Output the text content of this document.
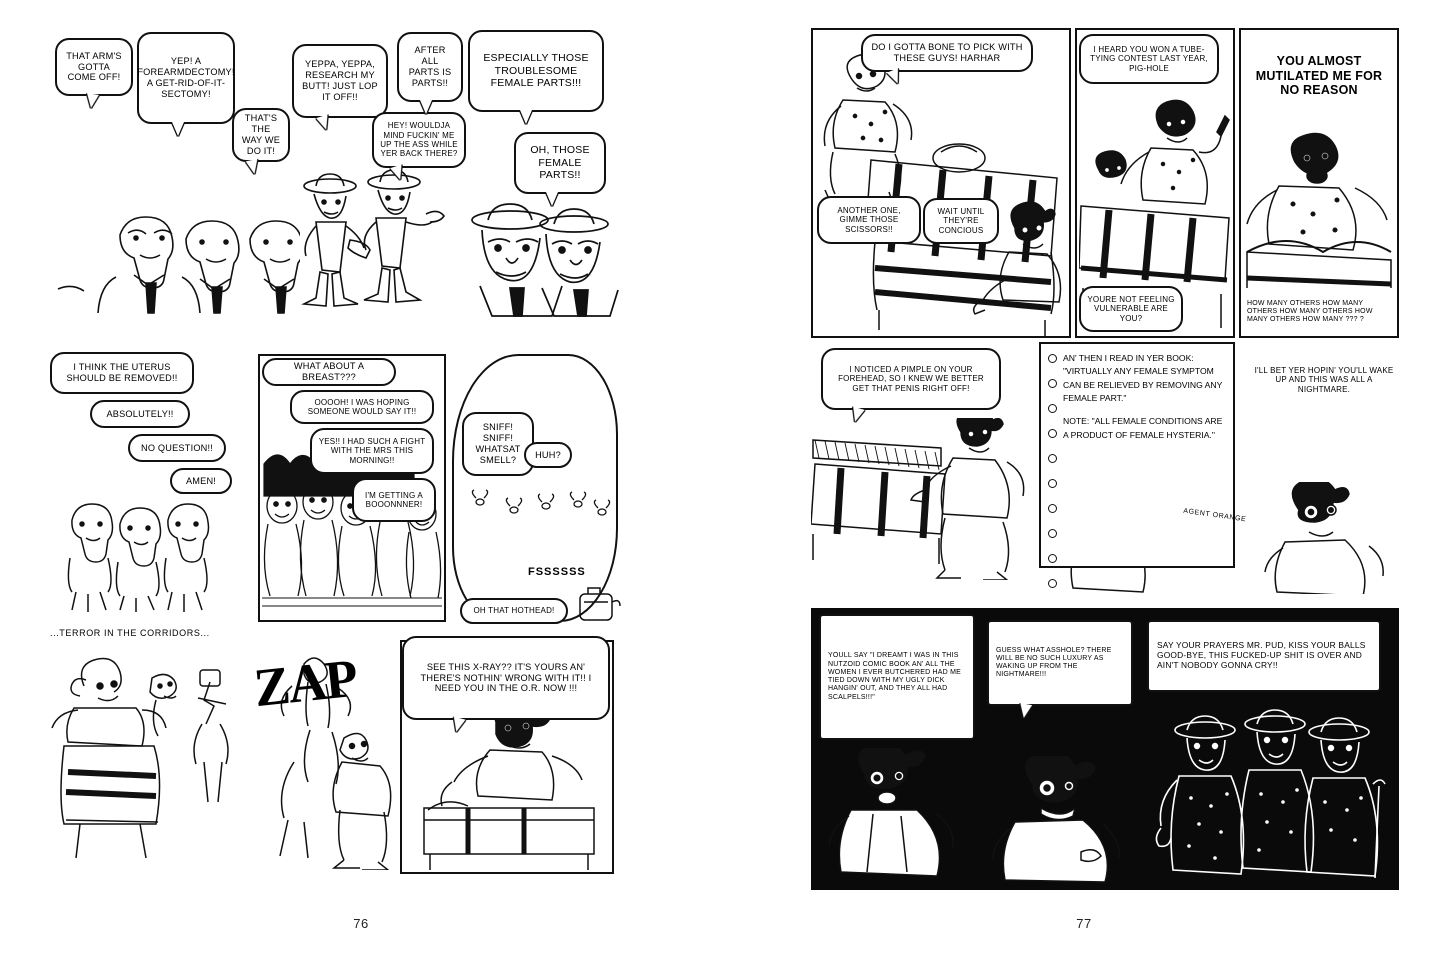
THAT ARM'S GOTTA COME OFF!
YEP! A FOREARMDECTOMY! A GET-RID-OF-IT-SECTOMY!
THAT'S THE WAY WE DO IT!
YEPPA, YEPPA, RESEARCH MY BUTT! JUST LOP IT OFF!!
HEY! WOULDJA MIND FUCKIN' ME UP THE ASS WHILE YER BACK THERE?
AFTER ALL PARTS IS PARTS!!
ESPECIALLY THOSE TROUBLESOME FEMALE PARTS!!!
OH, THOSE FEMALE PARTS!!
I THINK THE UTERUS SHOULD BE REMOVED!!
ABSOLUTELY!!
NO QUESTION!!
AMEN!
WHAT ABOUT A BREAST???
OOOOH! I WAS HOPING SOMEONE WOULD SAY IT!!
YES!! I HAD SUCH A FIGHT WITH THE MRS THIS MORNING!!
I'M GETTING A BOOONNNER!
SNIFF! SNIFF! WHATSAT SMELL?
HUH?
FSSSSSS
OH THAT HOTHEAD!
...TERROR IN THE CORRIDORS...
ZAP	SEE THIS X-RAY?? IT'S YOURS AN' THERE'S NOTHIN' WRONG WITH IT!! I NEED YOU IN THE O.R. NOW !!!
76
DO I GOTTA BONE TO PICK WITH THESE GUYS! HARHAR
ANOTHER ONE, GIMME THOSE SCISSORS!!
WAIT UNTIL THEY'RE CONCIOUS
I HEARD YOU WON A TUBE-TYING CONTEST LAST YEAR, PIG-HOLE
YOURE NOT FEELING VULNERABLE ARE YOU?
YOU ALMOST MUTILATED ME FOR NO REASON
HOW MANY OTHERS HOW MANY OTHERS HOW MANY OTHERS HOW MANY OTHERS HOW MANY ??? ?
I NOTICED A PIMPLE ON YOUR FOREHEAD, SO I KNEW WE BETTER GET THAT PENIS RIGHT OFF!
AN' THEN I READ IN YER BOOK: "VIRTUALLY ANY FEMALE SYMPTOM CAN BE RELIEVED BY REMOVING ANY FEMALE PART."
NOTE: "ALL FEMALE CONDITIONS ARE A PRODUCT OF FEMALE HYSTERIA."
AGENT ORANGE
I'LL BET YER HOPIN' YOU'LL WAKE UP AND THIS WAS ALL A NIGHTMARE.
YOULL SAY "I DREAMT I WAS IN THIS NUTZOID COMIC BOOK AN' ALL THE WOMEN I EVER BUTCHERED HAD ME TIED DOWN WITH MY UGLY DICK HANGIN' OUT, AND THEY ALL HAD SCALPELS!!!"
GUESS WHAT ASSHOLE? THERE WILL BE NO SUCH LUXURY AS WAKING UP FROM THE NIGHTMARE!!!
SAY YOUR PRAYERS MR. PUD, KISS YOUR BALLS GOOD-BYE, THIS FUCKED-UP SHIT IS OVER AND AIN'T NOBODY GONNA CRY!!
77
